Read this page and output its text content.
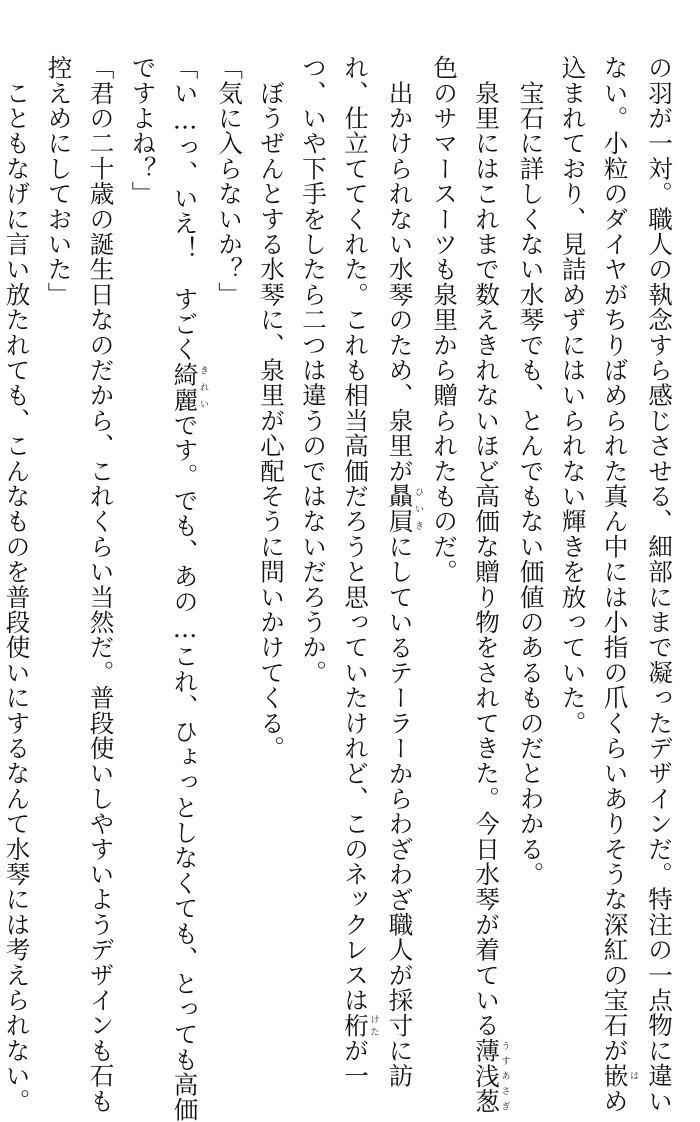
の羽が一対。職人の執念すら感じさせる、細部にまで凝ったデザインだ。特注の一点物に違い

ない。小粒のダイヤがちりばめられた真ん中には小指の爪くらいありそうな深紅の宝石が嵌はめ

込まれており、見詰めずにはいられない輝きを放っていた。

　宝石に詳しくない水琴でも、とんでもない価値のあるものだとわかる。

　泉里にはこれまで数えきれないほど高価な贈り物をされてきた。今日水琴が着ている薄浅葱うすあさぎ

色のサマースーツも泉里から贈られたものだ。

　出かけられない水琴のため、泉里が贔屓ひいきにしているテーラーからわざわざ職人が採寸に訪

れ、仕立ててくれた。これも相当高価だろうと思っていたけれど、このネックレスは桁けたが一

つ、いや下手をしたら二つは違うのではないだろうか。

　ぼうぜんとする水琴に、泉里が心配そうに問いかけてくる。

「気に入らないか？」

「い…っ、いえ！　すごく綺麗きれいです。でも、あの…これ、ひょっとしなくても、とっても高価

ですよね？」

「君の二十歳の誕生日なのだから、これくらい当然だ。普段使いしやすいようデザインも石も

控えめにしておいた」

　こともなげに言い放たれても、こんなものを普段使いにするなんて水琴には考えられない。
